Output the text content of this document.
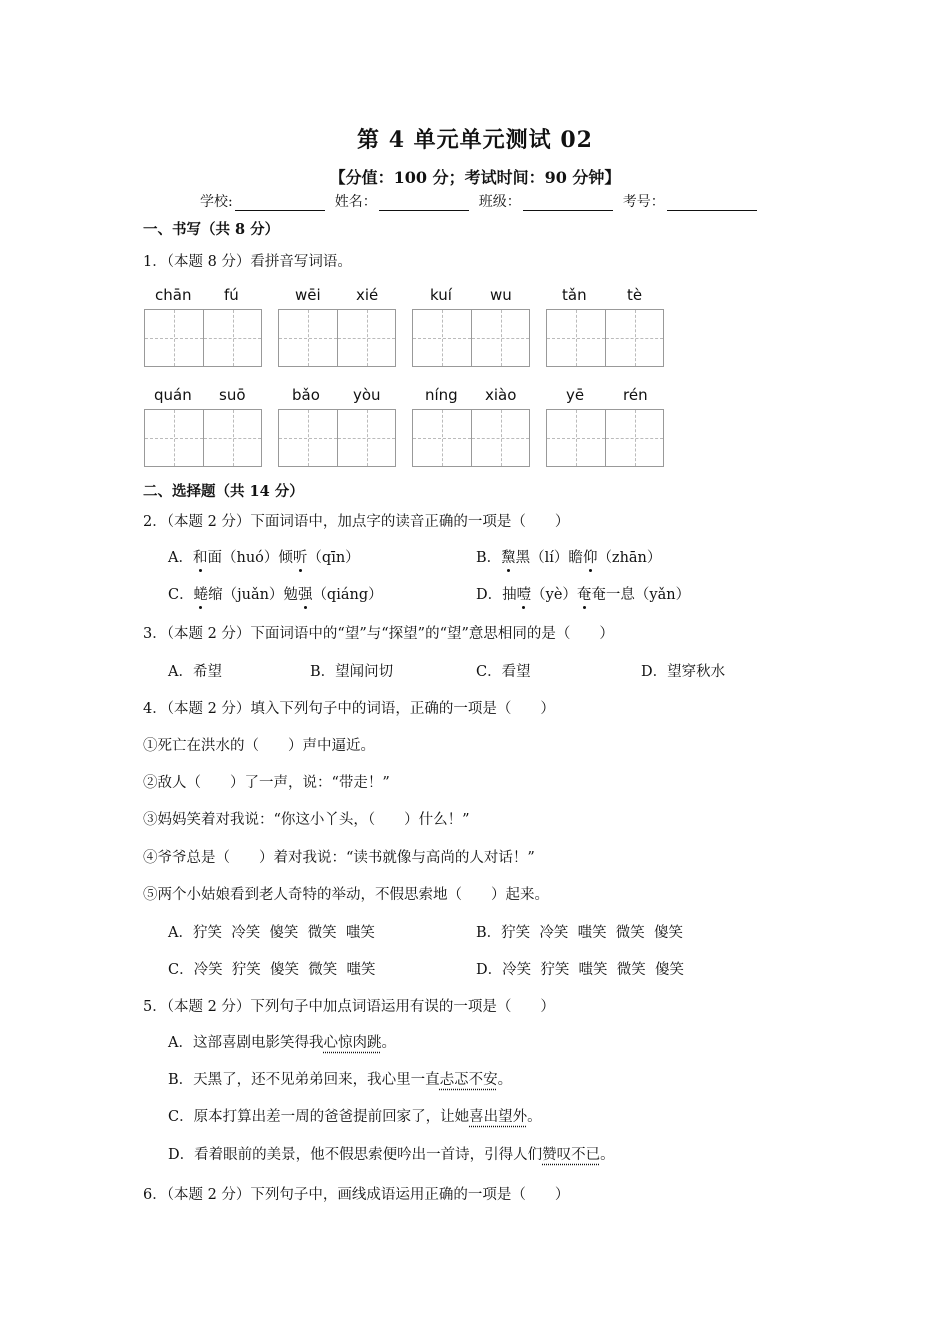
第 4 单元单元测试 02
【分值：100 分；考试时间：90 分钟】
学校:	姓名：	班级：	考号：
一、书写（共 8 分）
1．（本题 8 分）看拼音写词语。
chān fú	wēi xié	kuí	wu	tǎn	tè
quán suō	bǎo yòu	níng xiào	yē	rén
二、选择题（共 14 分）
2．（本题 2 分）下面词语中，加点字的读音正确的一项是（　　）
A．和面（huó）倾听（qīn）	B．黧黑（lí）瞻仰（zhān）
C．蜷缩（juǎn）勉强（qiáng）	D．抽噎（yè）奄奄一息（yǎn）
3．（本题 2 分）下面词语中的“望”与“探望”的“望”意思相同的是（　　）
A．希望	B．望闻问切	C．看望	D．望穿秋水
4．（本题 2 分）填入下列句子中的词语，正确的一项是（　　）
①死亡在洪水的（　　）声中逼近。
②敌人（　　）了一声，说：“带走！”
③妈妈笑着对我说：“你这小丫头，（　　）什么！”
④爷爷总是（　　）着对我说：“读书就像与高尚的人对话！”
⑤两个小姑娘看到老人奇特的举动，不假思索地（　　）起来。
A．狞笑  冷笑  傻笑  微笑  嗤笑	B．狞笑  冷笑  嗤笑  微笑  傻笑
C．冷笑  狞笑  傻笑  微笑  嗤笑	D．冷笑  狞笑  嗤笑  微笑  傻笑
5．（本题 2 分）下列句子中加点词语运用有误的一项是（　　）
A．这部喜剧电影笑得我心惊肉跳。
B．天黑了，还不见弟弟回来，我心里一直忐忑不安。
C．原本打算出差一周的爸爸提前回家了，让她喜出望外。
D．看着眼前的美景，他不假思索便吟出一首诗，引得人们赞叹不已。
6．（本题 2 分）下列句子中，画线成语运用正确的一项是（　　）
